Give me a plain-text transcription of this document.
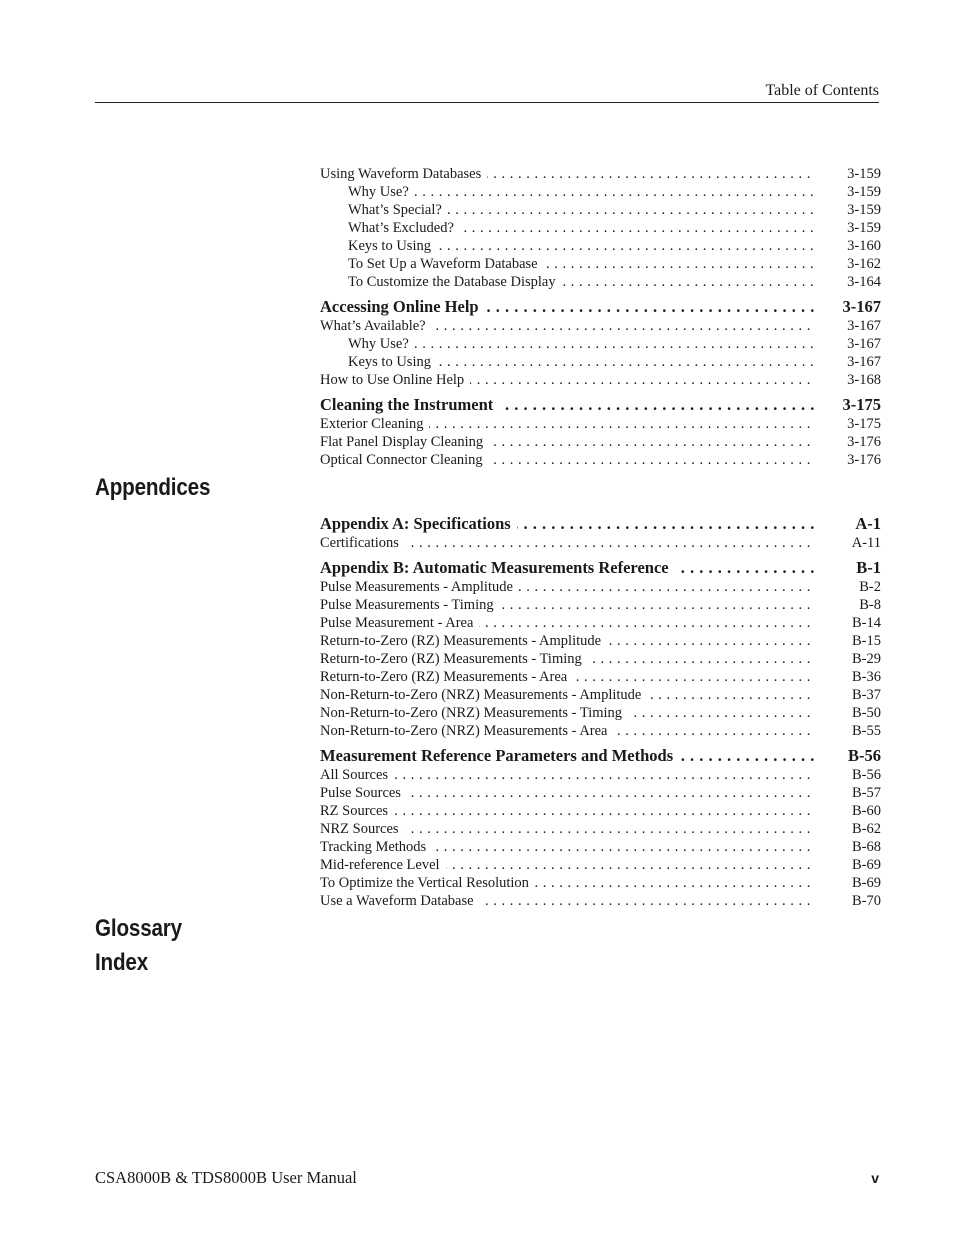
Table of Contents
Using Waveform Databases . . .	3-159
Why Use? . . .	3-159
What’s Special? . . .	3-159
What’s Excluded? . . .	3-159
Keys to Using . . .	3-160
To Set Up a Waveform Database . . .	3-162
To Customize the Database Display . . .	3-164
Accessing Online Help . . .	3-167
What’s Available? . . .	3-167
Why Use? . . .	3-167
Keys to Using . . .	3-167
How to Use Online Help . . .	3-168
Cleaning the Instrument . . .	3-175
Exterior Cleaning . . .	3-175
Flat Panel Display Cleaning . . .	3-176
Optical Connector Cleaning . . .	3-176
Appendices
Appendix A: Specifications . . .	A-1
Certifications . . .	A-11
Appendix B: Automatic Measurements Reference . . .	B-1
Pulse Measurements - Amplitude . . .	B-2
Pulse Measurements - Timing . . .	B-8
Pulse Measurement - Area . . .	B-14
Return-to-Zero (RZ) Measurements - Amplitude . . .	B-15
Return-to-Zero (RZ) Measurements - Timing . . .	B-29
Return-to-Zero (RZ) Measurements - Area . . .	B-36
Non-Return-to-Zero (NRZ) Measurements - Amplitude . . .	B-37
Non-Return-to-Zero (NRZ) Measurements - Timing . . .	B-50
Non-Return-to-Zero (NRZ) Measurements - Area . . .	B-55
Measurement Reference Parameters and Methods . . .	B-56
All Sources . . .	B-56
Pulse Sources . . .	B-57
RZ Sources . . .	B-60
NRZ Sources . . .	B-62
Tracking Methods . . .	B-68
Mid-reference Level . . .	B-69
To Optimize the Vertical Resolution . . .	B-69
Use a Waveform Database . . .	B-70
Glossary
Index
CSA8000B & TDS8000B User Manual	v
